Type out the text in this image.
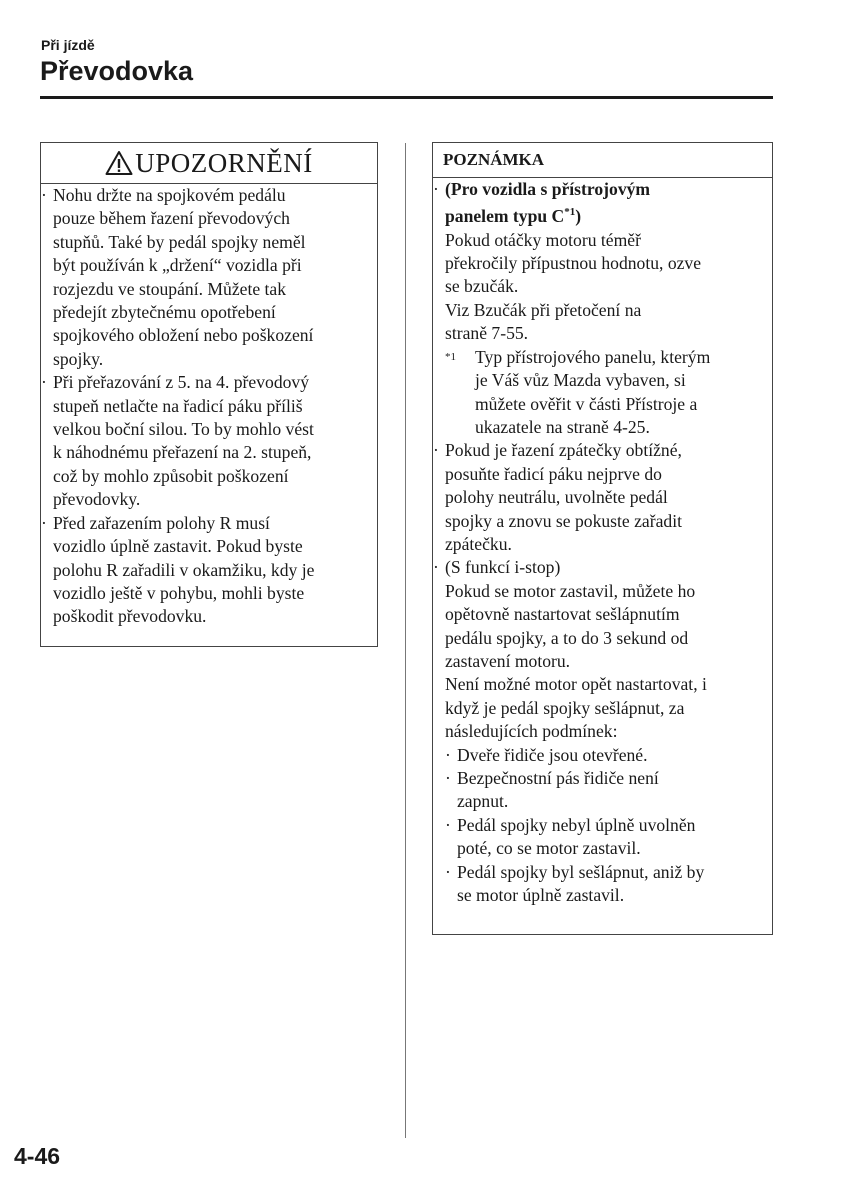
Při jízdě
Převodovka
UPOZORNĚNÍ
· Nohu držte na spojkovém pedálu
pouze během řazení převodových
stupňů. Také by pedál spojky neměl
být používán k „držení“ vozidla při
rozjezdu ve stoupání. Můžete tak
předejít zbytečnému opotřebení
spojkového obložení nebo poškození
spojky.
· Při přeřazování z 5. na 4. převodový
stupeň netlačte na řadicí páku příliš
velkou boční silou. To by mohlo vést
k náhodnému přeřazení na 2. stupeň,
což by mohlo způsobit poškození
převodovky.
· Před zařazením polohy R musí
vozidlo úplně zastavit. Pokud byste
polohu R zařadili v okamžiku, kdy je
vozidlo ještě v pohybu, mohli byste
poškodit převodovku.
POZNÁMKA
· (Pro vozidla s přístrojovým
panelem typu $C^{*1}$)
Pokud otáčky motoru téměř
překročily přípustnou hodnotu, ozve
se bzučák.
Viz Bzučák při přetočení na
straně 7-55.
$^{*1}$ Typ přístrojového panelu, kterým
je Váš vůz Mazda vybaven, si
můžete ověřit v části Přístroje a
ukazatele na straně 4-25.
· Pokud je řazení zpátečky obtížné,
posuňte řadicí páku nejprve do
polohy neutrálu, uvolněte pedál
spojky a znovu se pokuste zařadit
zpátečku.
· (S funkcí i-stop)
Pokud se motor zastavil, můžete ho
opětovně nastartovat sešlápnutím
pedálu spojky, a to do 3 sekund od
zastavení motoru.
Není možné motor opět nastartovat, i
když je pedál spojky sešlápnut, za
následujících podmínek:
· Dveře řidiče jsou otevřené.
· Bezpečnostní pás řidiče není
zapnut.
· Pedál spojky nebyl úplně uvolněn
poté, co se motor zastavil.
· Pedál spojky byl sešlápnut, aniž by
se motor úplně zastavil.
4-46
